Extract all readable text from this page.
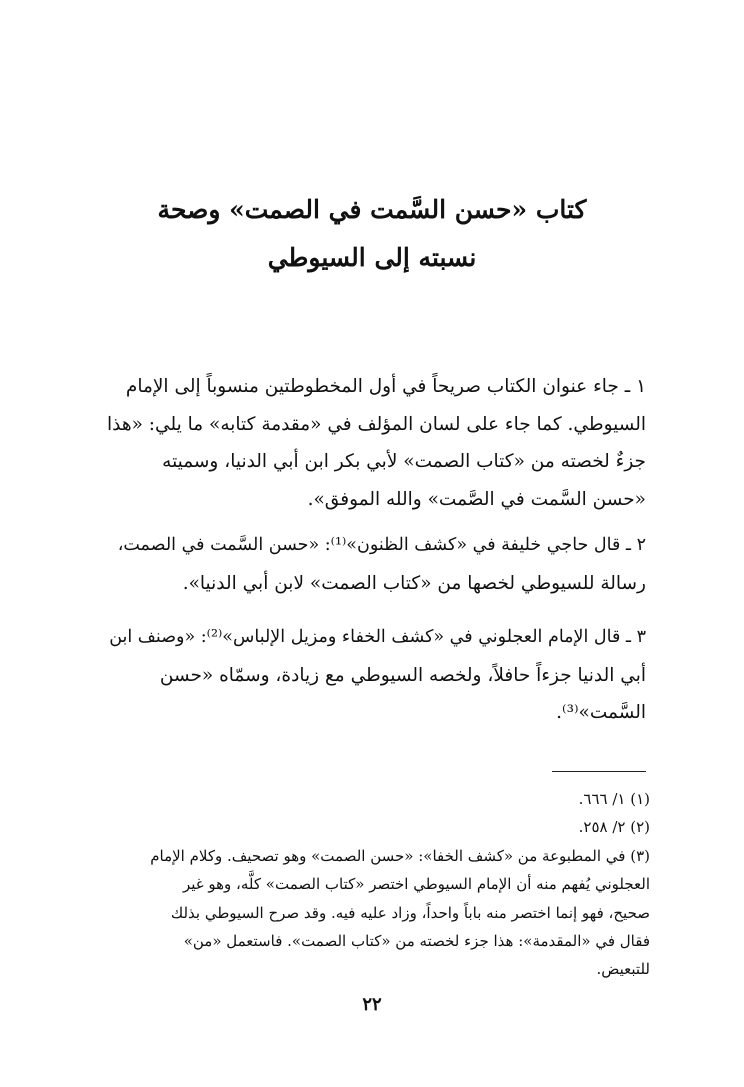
كتاب «حسن السَّمت في الصمت» وصحة
نسبته إلى السيوطي
١ ـ جاء عنوان الكتاب صريحاً في أول المخطوطتين منسوباً إلى الإمام
السيوطي. كما جاء على لسان المؤلف في «مقدمة كتابه» ما يلي: «هذا
جزءٌ لخصته من «كتاب الصمت» لأبي بكر ابن أبي الدنيا، وسميته
«حسن السَّمت في الصَّمت» والله الموفق».
٢ ـ قال حاجي خليفة في «كشف الظنون»⁽¹⁾: «حسن السَّمت في الصمت،
رسالة للسيوطي لخصها من «كتاب الصمت» لابن أبي الدنيا».
٣ ـ قال الإمام العجلوني في «كشف الخفاء ومزيل الإلباس»⁽²⁾: «وصنف ابن
أبي الدنيا جزءاً حافلاً، ولخصه السيوطي مع زيادة، وسمّاه «حسن
السَّمت»⁽³⁾.
(١) ١/ ٦٦٦.
(٢) ٢/ ٢٥٨.
(٣) في المطبوعة من «كشف الخفا»: «حسن الصمت» وهو تصحيف. وكلام الإمام
العجلوني يُفهم منه أن الإمام السيوطي اختصر «كتاب الصمت» كلَّه، وهو غير
صحيح، فهو إنما اختصر منه باباً واحداً، وزاد عليه فيه. وقد صرح السيوطي بذلك
فقال في «المقدمة»: هذا جزء لخصته من «كتاب الصمت». فاستعمل «من»
للتبعيض.
٢٢
